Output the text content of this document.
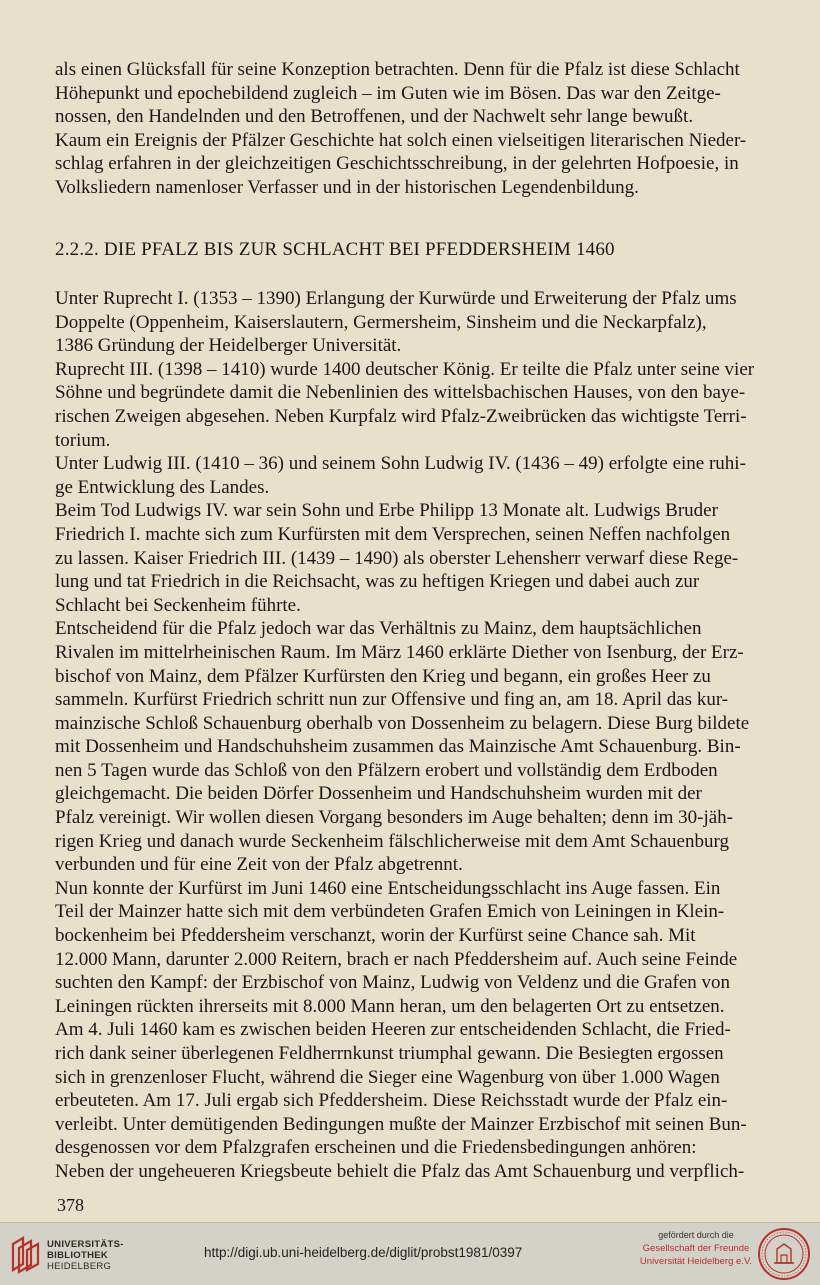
als einen Glücksfall für seine Konzeption betrachten. Denn für die Pfalz ist diese Schlacht

Höhepunkt und epochebildend zugleich – im Guten wie im Bösen. Das war den Zeitge-

nossen, den Handelnden und den Betroffenen, und der Nachwelt sehr lange bewußt.

Kaum ein Ereignis der Pfälzer Geschichte hat solch einen vielseitigen literarischen Nieder-

schlag erfahren in der gleichzeitigen Geschichtsschreibung, in der gelehrten Hofpoesie, in

Volksliedern namenloser Verfasser und in der historischen Legendenbildung.

2.2.2. DIE PFALZ BIS ZUR SCHLACHT BEI PFEDDERSHEIM 1460

Unter Ruprecht I. (1353 – 1390) Erlangung der Kurwürde und Erweiterung der Pfalz ums

Doppelte (Oppenheim, Kaiserslautern, Germersheim, Sinsheim und die Neckarpfalz),

1386 Gründung der Heidelberger Universität.

Ruprecht III. (1398 – 1410) wurde 1400 deutscher König. Er teilte die Pfalz unter seine vier

Söhne und begründete damit die Nebenlinien des wittelsbachischen Hauses, von den baye-

rischen Zweigen abgesehen. Neben Kurpfalz wird Pfalz-Zweibrücken das wichtigste Terri-

torium.

Unter Ludwig III. (1410 – 36) und seinem Sohn Ludwig IV. (1436 – 49) erfolgte eine ruhi-

ge Entwicklung des Landes.

Beim Tod Ludwigs IV. war sein Sohn und Erbe Philipp 13 Monate alt. Ludwigs Bruder

Friedrich I. machte sich zum Kurfürsten mit dem Versprechen, seinen Neffen nachfolgen

zu lassen. Kaiser Friedrich III. (1439 – 1490) als oberster Lehensherr verwarf diese Rege-

lung und tat Friedrich in die Reichsacht, was zu heftigen Kriegen und dabei auch zur

Schlacht bei Seckenheim führte.

Entscheidend für die Pfalz jedoch war das Verhältnis zu Mainz, dem hauptsächlichen

Rivalen im mittelrheinischen Raum. Im März 1460 erklärte Diether von Isenburg, der Erz-

bischof von Mainz, dem Pfälzer Kurfürsten den Krieg und begann, ein großes Heer zu

sammeln. Kurfürst Friedrich schritt nun zur Offensive und fing an, am 18. April das kur-

mainzische Schloß Schauenburg oberhalb von Dossenheim zu belagern. Diese Burg bildete

mit Dossenheim und Handschuhsheim zusammen das Mainzische Amt Schauenburg. Bin-

nen 5 Tagen wurde das Schloß von den Pfälzern erobert und vollständig dem Erdboden

gleichgemacht. Die beiden Dörfer Dossenheim und Handschuhsheim wurden mit der

Pfalz vereinigt. Wir wollen diesen Vorgang besonders im Auge behalten; denn im 30-jäh-

rigen Krieg und danach wurde Seckenheim fälschlicherweise mit dem Amt Schauenburg

verbunden und für eine Zeit von der Pfalz abgetrennt.

Nun konnte der Kurfürst im Juni 1460 eine Entscheidungsschlacht ins Auge fassen. Ein

Teil der Mainzer hatte sich mit dem verbündeten Grafen Emich von Leiningen in Klein-

bockenheim bei Pfeddersheim verschanzt, worin der Kurfürst seine Chance sah. Mit

12.000 Mann, darunter 2.000 Reitern, brach er nach Pfeddersheim auf. Auch seine Feinde

suchten den Kampf: der Erzbischof von Mainz, Ludwig von Veldenz und die Grafen von

Leiningen rückten ihrerseits mit 8.000 Mann heran, um den belagerten Ort zu entsetzen.

Am 4. Juli 1460 kam es zwischen beiden Heeren zur entscheidenden Schlacht, die Fried-

rich dank seiner überlegenen Feldherrnkunst triumphal gewann. Die Besiegten ergossen

sich in grenzenloser Flucht, während die Sieger eine Wagenburg von über 1.000 Wagen

erbeuteten. Am 17. Juli ergab sich Pfeddersheim. Diese Reichsstadt wurde der Pfalz ein-

verleibt. Unter demütigenden Bedingungen mußte der Mainzer Erzbischof mit seinen Bun-

desgenossen vor dem Pfalzgrafen erscheinen und die Friedensbedingungen anhören:

Neben der ungeheueren Kriegsbeute behielt die Pfalz das Amt Schauenburg und verpflich-

378
UNIVERSITÄTS-
BIBLIOTHEK
HEIDELBERG
http://digi.ub.uni-heidelberg.de/diglit/probst1981/0397
gefördert durch die
Gesellschaft der Freunde
Universität Heidelberg e.V.
